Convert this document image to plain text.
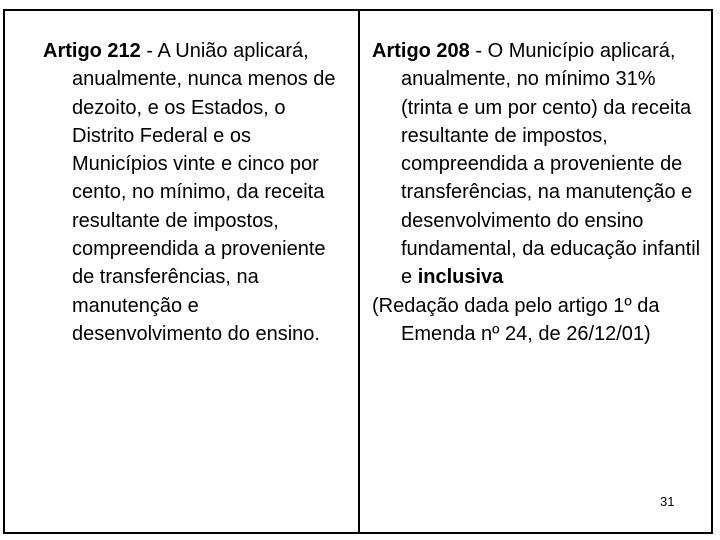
Artigo 212 - A União aplicará, anualmente, nunca menos de dezoito, e os Estados, o Distrito Federal e os Municípios vinte e cinco por cento, no mínimo, da receita resultante de impostos, compreendida a proveniente de transferências, na manutenção e desenvolvimento do ensino.

Artigo 208 - O Município aplicará, anualmente, no mínimo 31% (trinta e um por cento) da receita resultante de impostos, compreendida a proveniente de transferências, na manutenção e desenvolvimento do ensino fundamental, da educação infantil e inclusiva

(Redação dada pelo artigo 1º da Emenda nº 24, de 26/12/01)

31
